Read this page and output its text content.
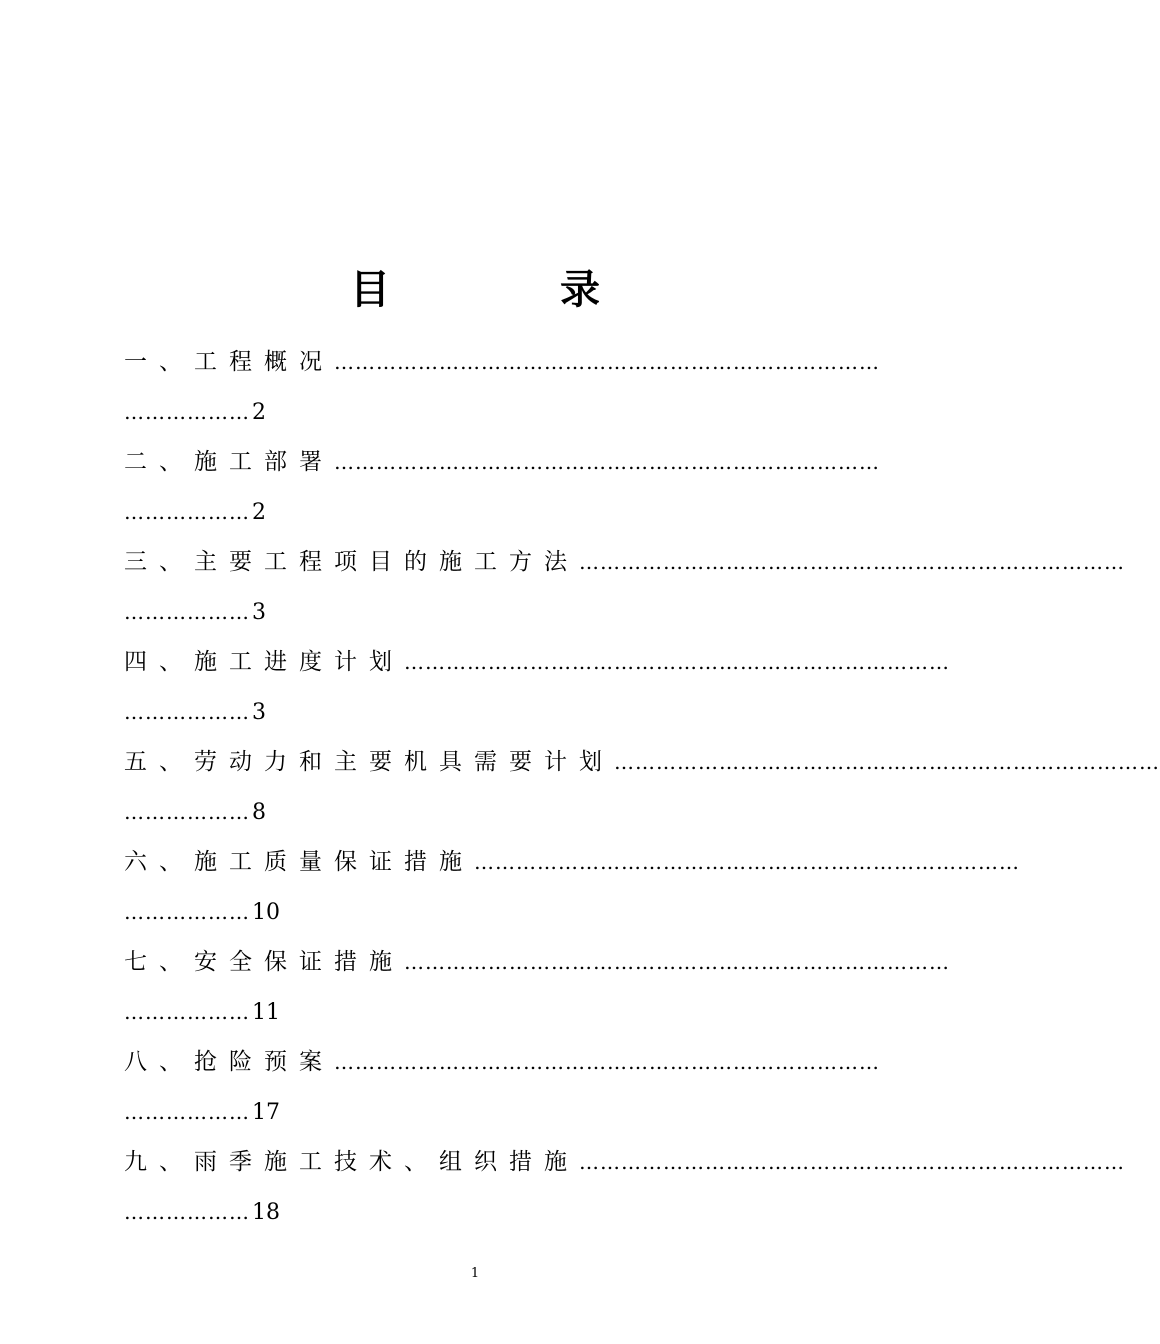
目	录
一、工程概况……………………………………………………………………
………………2
二、施工部署……………………………………………………………………
………………2
三、主要工程项目的施工方法……………………………………………………………………
………………3
四、施工进度计划……………………………………………………………………
………………3
五、劳动力和主要机具需要计划……………………………………………………………………
………………8
六、施工质量保证措施……………………………………………………………………
………………10
七、安全保证措施……………………………………………………………………
………………11
八、抢险预案……………………………………………………………………
………………17
九、雨季施工技术、组织措施……………………………………………………………………
………………18
1
